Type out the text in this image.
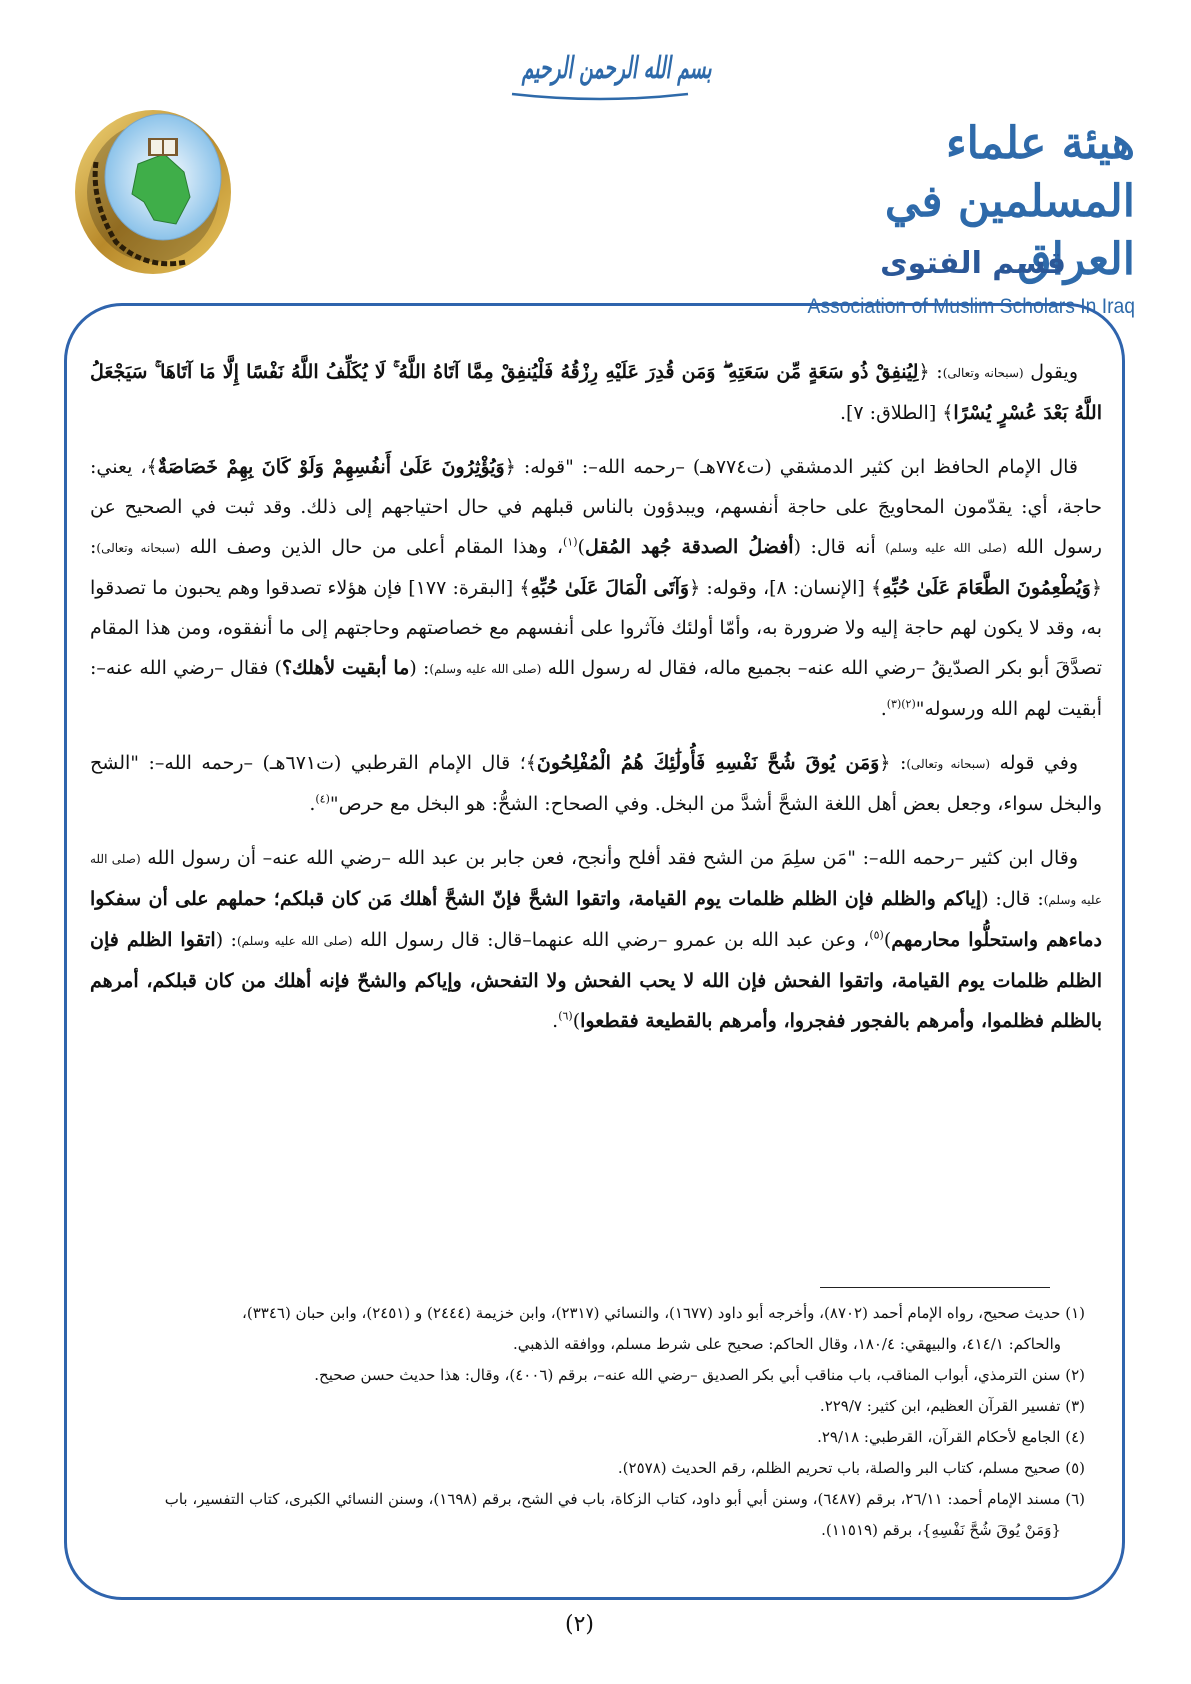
بسم الله الرحمن الرحيم
هيئة علماء المسلمين في العراق
Association of Muslim Scholars In Iraq
قسم الفتوى

ويقول (سبحانه وتعالى): ﴿لِيُنفِقْ ذُو سَعَةٍ مِّن سَعَتِهِ ۖ وَمَن قُدِرَ عَلَيْهِ رِزْقُهُ فَلْيُنفِقْ مِمَّا آتَاهُ اللَّهُ ۚ لَا يُكَلِّفُ اللَّهُ نَفْسًا إِلَّا مَا آتَاهَا ۚ سَيَجْعَلُ اللَّهُ بَعْدَ عُسْرٍ يُسْرًا﴾ [الطلاق: ٧].

قال الإمام الحافظ ابن كثير الدمشقي (ت٧٧٤هـ) –رحمه الله–: "قوله: ﴿وَيُؤْثِرُونَ عَلَىٰ أَنفُسِهِمْ وَلَوْ كَانَ بِهِمْ خَصَاصَةٌ﴾، يعني: حاجة، أي: يقدّمون المحاويجَ على حاجة أنفسهم، ويبدؤون بالناس قبلهم في حال احتياجهم إلى ذلك. وقد ثبت في الصحيح عن رسول الله (صلى الله عليه وسلم) أنه قال: (أفضلُ الصدقة جُهد المُقل)$^{(١)}$، وهذا المقام أعلى من حال الذين وصف الله (سبحانه وتعالى): ﴿وَيُطْعِمُونَ الطَّعَامَ عَلَىٰ حُبِّهِ﴾ [الإنسان: ٨]، وقوله: ﴿وَآتَى الْمَالَ عَلَىٰ حُبِّهِ﴾ [البقرة: ١٧٧] فإن هؤلاء تصدقوا وهم يحبون ما تصدقوا به، وقد لا يكون لهم حاجة إليه ولا ضرورة به، وأمّا أولئك فآثروا على أنفسهم مع خصاصتهم وحاجتهم إلى ما أنفقوه، ومن هذا المقام تصدَّقَ أبو بكر الصدّيقُ –رضي الله عنه– بجميع ماله، فقال له رسول الله (صلى الله عليه وسلم): (ما أبقيت لأهلك؟) فقال –رضي الله عنه–: أبقيت لهم الله ورسوله"$^{(٢)(٣)}$.

وفي قوله (سبحانه وتعالى): ﴿وَمَن يُوقَ شُحَّ نَفْسِهِ فَأُولَٰئِكَ هُمُ الْمُفْلِحُونَ﴾؛ قال الإمام القرطبي (ت٦٧١هـ) –رحمه الله–: "الشح والبخل سواء، وجعل بعض أهل اللغة الشحَّ أشدَّ من البخل. وفي الصحاح: الشحُّ: هو البخل مع حرص"$^{(٤)}$.

وقال ابن كثير –رحمه الله–: "مَن سلِمَ من الشح فقد أفلح وأنجح، فعن جابر بن عبد الله –رضي الله عنه– أن رسول الله (صلى الله عليه وسلم): قال: (إياكم والظلم فإن الظلم ظلمات يوم القيامة، واتقوا الشحَّ فإنّ الشحَّ أهلك مَن كان قبلكم؛ حملهم على أن سفكوا دماءهم واستحلُّوا محارمهم)$^{(٥)}$، وعن عبد الله بن عمرو –رضي الله عنهما–قال: قال رسول الله (صلى الله عليه وسلم): (اتقوا الظلم فإن الظلم ظلمات يوم القيامة، واتقوا الفحش فإن الله لا يحب الفحش ولا التفحش، وإياكم والشحّ فإنه أهلك من كان قبلكم، أمرهم بالظلم فظلموا، وأمرهم بالفجور ففجروا، وأمرهم بالقطيعة فقطعوا)$^{(٦)}$.

(١) حديث صحيح، رواه الإمام أحمد (٨٧٠٢)، وأخرجه أبو داود (١٦٧٧)، والنسائي (٢٣١٧)، وابن خزيمة (٢٤٤٤) و (٢٤٥١)، وابن حبان (٣٣٤٦)،
والحاكم: ٤١٤/١، والبيهقي: ١٨٠/٤، وقال الحاكم: صحيح على شرط مسلم، ووافقه الذهبي.
(٢) سنن الترمذي، أبواب المناقب، باب مناقب أبي بكر الصديق –رضي الله عنه–، برقم (٤٠٠٦)، وقال: هذا حديث حسن صحيح.
(٣) تفسير القرآن العظيم، ابن كثير: ٢٢٩/٧.
(٤) الجامع لأحكام القرآن، القرطبي: ٢٩/١٨.
(٥) صحيح مسلم، كتاب البر والصلة، باب تحريم الظلم، رقم الحديث (٢٥٧٨).
(٦) مسند الإمام أحمد: ٢٦/١١، برقم (٦٤٨٧)، وسنن أبي أبو داود، كتاب الزكاة، باب في الشح، برقم (١٦٩٨)، وسنن النسائي الكبرى، كتاب التفسير، باب
{وَمَنْ يُوقَ شُحَّ نَفْسِهِ}، برقم (١١٥١٩).
(٢)
